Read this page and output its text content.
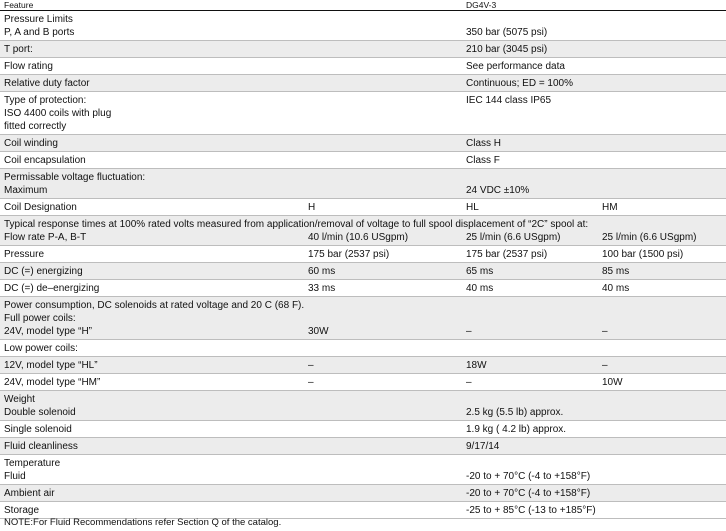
Feature	DG4V-3
Pressure Limits
P, A and B ports	350 bar (5075 psi)
T port:	210 bar (3045 psi)
Flow rating	See performance data
Relative duty factor	Continuous; ED = 100%
Type of protection:	IEC 144 class IP65
ISO 4400 coils with plug
fitted correctly
Coil winding	Class H
Coil encapsulation	Class F
Permissable voltage fluctuation:
Maximum	24 VDC ±10%
Coil Designation	H	HL	HM
Typical response times at 100% rated volts measured from application/removal of voltage to full spool displacement of “2C” spool at:
Flow rate P-A, B-T	40 l/min (10.6 USgpm)	25 l/min (6.6 USgpm)	25 l/min (6.6 USgpm)
Pressure	175 bar (2537 psi)	175 bar (2537 psi)	100 bar (1500 psi)
DC (=) energizing	60 ms	65 ms	85 ms
DC (=) de–energizing	33 ms	40 ms	40 ms
Power consumption, DC solenoids at rated voltage and 20 C (68 F).
Full power coils:
24V, model type “H”	30W	–	–
Low power coils:
12V, model type “HL”	–	18W	–
24V, model type “HM”	–	–	10W
Weight
Double solenoid	2.5 kg (5.5 lb) approx.
Single solenoid	1.9 kg ( 4.2 lb) approx.
Fluid cleanliness	9/17/14
Temperature
Fluid	-20 to + 70°C (-4 to +158°F)
Ambient air	-20 to + 70°C (-4 to +158°F)
Storage	-25 to + 85°C (-13 to +185°F)
NOTE:For Fluid Recommendations refer Section Q of the catalog.
